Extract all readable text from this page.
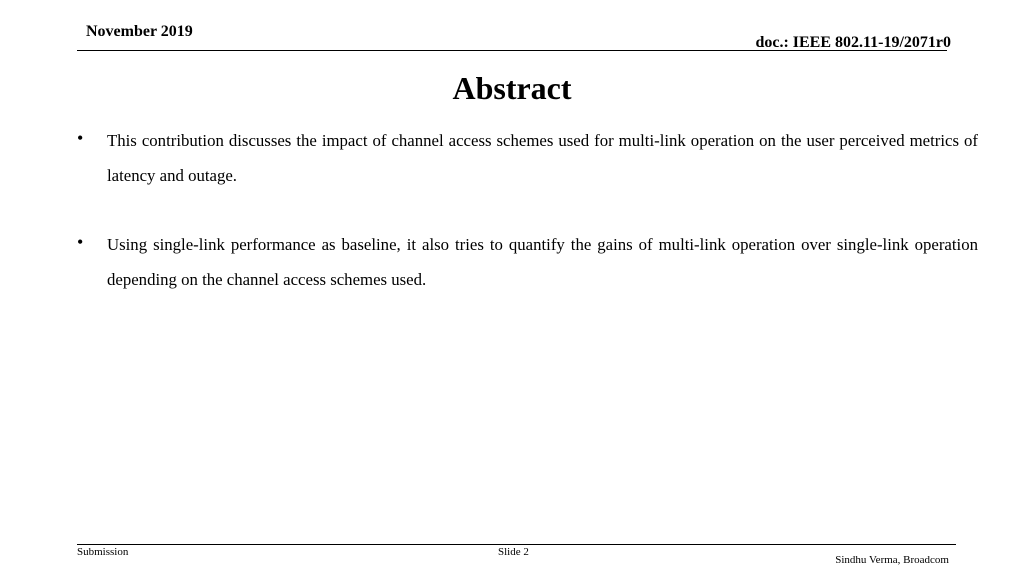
November 2019
doc.: IEEE 802.11-19/2071r0
Abstract
• This contribution discusses the impact of channel access schemes used for multi-link operation on the user perceived metrics of latency and outage.
• Using single-link performance as baseline, it also tries to quantify the gains of multi-link operation over single-link operation depending on the channel access schemes used.
Submission	Slide 2
Sindhu Verma, Broadcom
